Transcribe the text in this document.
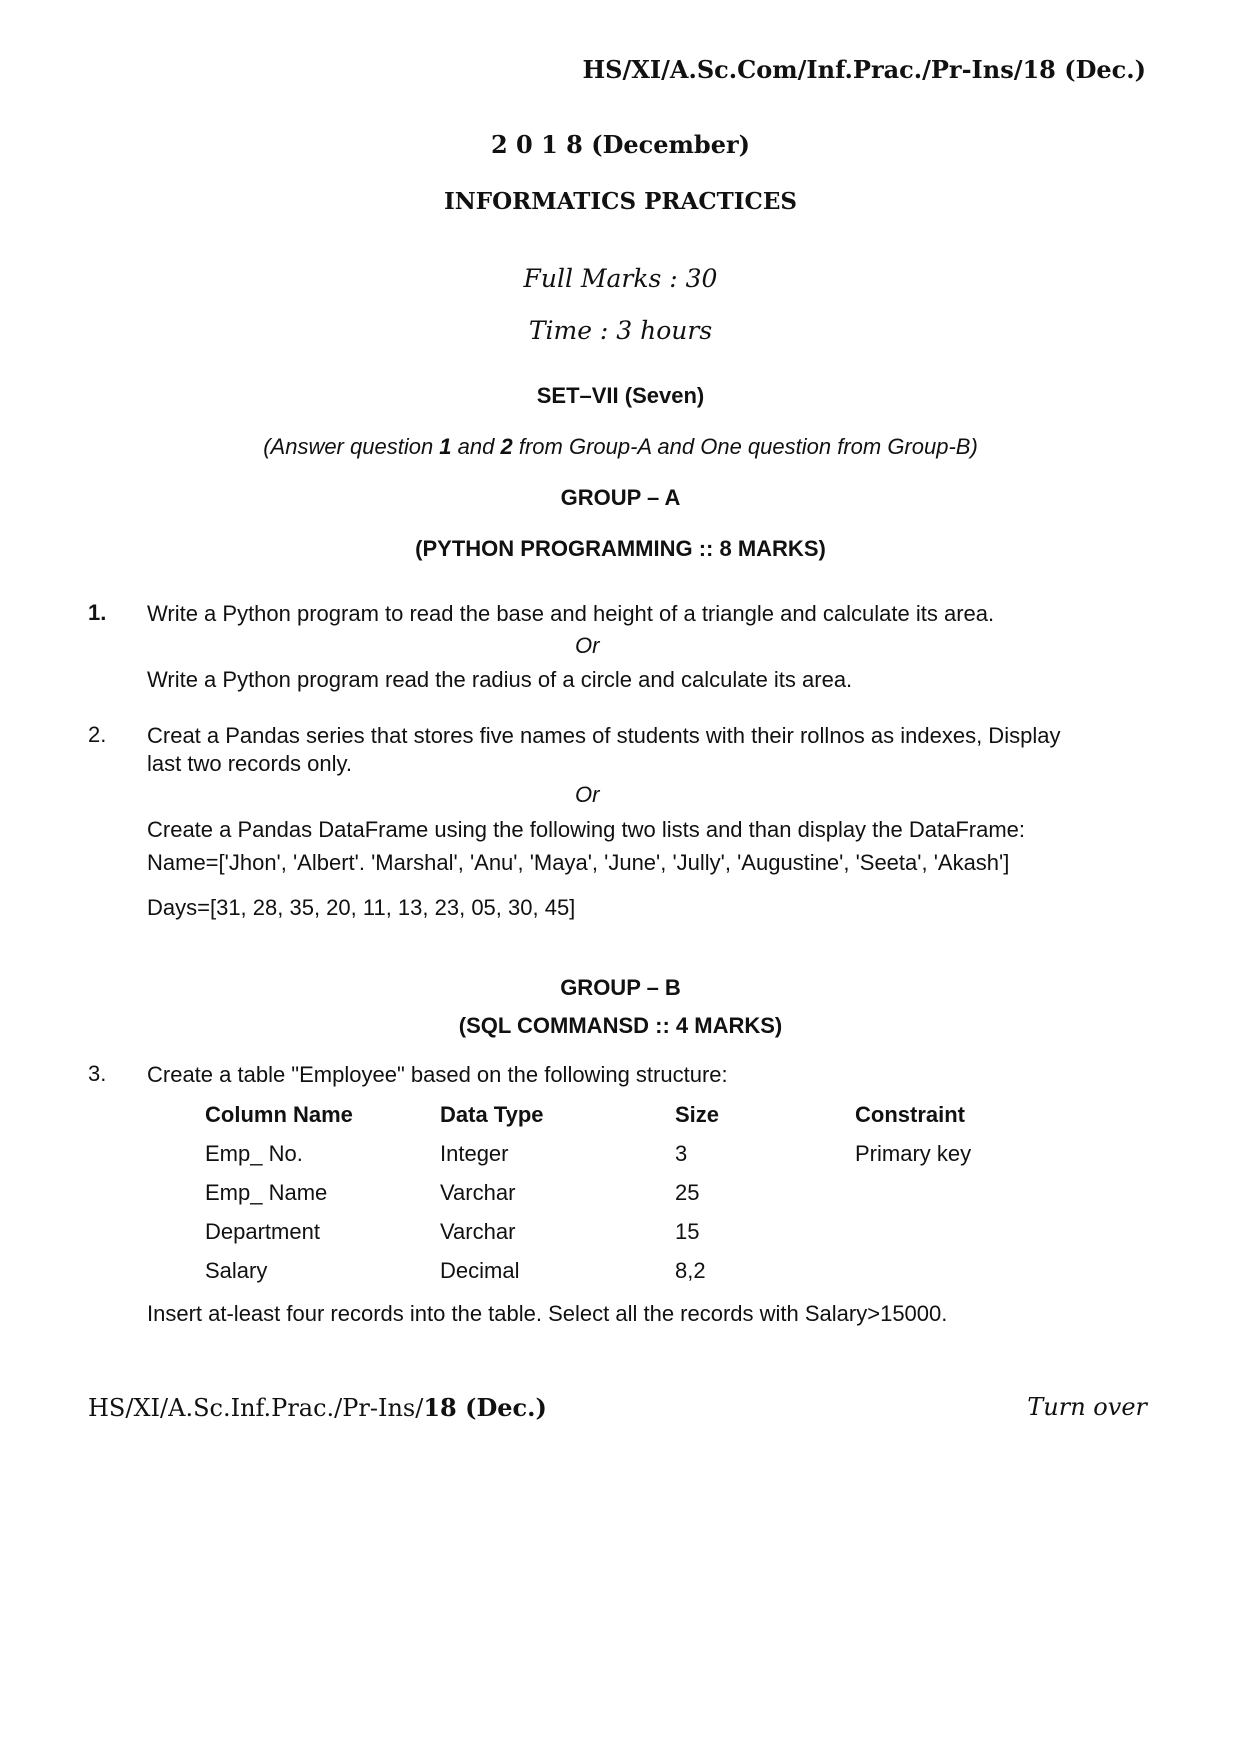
HS/XI/A.Sc.Com/Inf.Prac./Pr-Ins/18 (Dec.)
2 0 1 8 (December)
INFORMATICS PRACTICES
Full Marks : 30
Time : 3 hours
SET–VII (Seven)
(Answer question 1 and 2 from Group-A and One question from Group-B)
GROUP – A
(PYTHON PROGRAMMING :: 8 MARKS)
1. Write a Python program to read the base and height of a triangle and calculate its area.
Or
Write a Python program read the radius of a circle and calculate its area.
2. Creat a Pandas series that stores five names of students with their rollnos as indexes, Display last two records only.
Or
Create a Pandas DataFrame using the following two lists and than display the DataFrame:
Name=['Jhon', 'Albert'. 'Marshal', 'Anu', 'Maya', 'June', 'Jully', 'Augustine', 'Seeta', 'Akash']
Days=[31, 28, 35, 20, 11, 13, 23, 05, 30, 45]
GROUP – B
(SQL COMMANSD :: 4 MARKS)
3. Create a table "Employee" based on the following structure:
Column Name	Data Type	Size	Constraint
Emp_ No.	Integer	3	Primary key
Emp_ Name	Varchar	25	
Department	Varchar	15	
Salary	Decimal	8,2	
Insert at-least four records into the table. Select all the records with Salary>15000.
HS/XI/A.Sc.Inf.Prac./Pr-Ins/18 (Dec.)	Turn over
